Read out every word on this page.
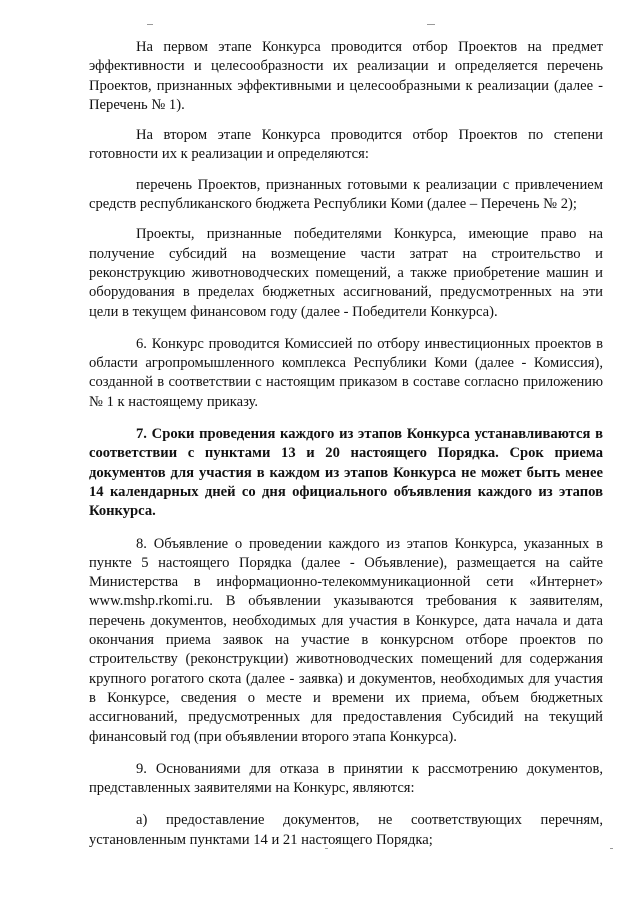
На первом этапе Конкурса проводится отбор Проектов на предмет эффективности и целесообразности их реализации и определяется перечень Проектов, признанных эффективными и целесообразными к реализации (далее - Перечень № 1).

На втором этапе Конкурса проводится отбор Проектов по степени готовности их к реализации и определяются:

перечень Проектов, признанных готовыми к реализации с привлечением средств республиканского бюджета Республики Коми (далее – Перечень № 2);

Проекты, признанные победителями Конкурса, имеющие право на получение субсидий на возмещение части затрат на строительство и реконструкцию животноводческих помещений, а также приобретение машин и оборудования в пределах бюджетных ассигнований, предусмотренных на эти цели в текущем финансовом году (далее - Победители Конкурса).

6. Конкурс проводится Комиссией по отбору инвестиционных проектов в области агропромышленного комплекса Республики Коми (далее - Комиссия), созданной в соответствии с настоящим приказом в составе согласно приложению № 1 к настоящему приказу.

7. Сроки проведения каждого из этапов Конкурса устанавливаются в соответствии с пунктами 13 и 20 настоящего Порядка. Срок приема документов для участия в каждом из этапов Конкурса не может быть менее 14 календарных дней со дня официального объявления каждого из этапов Конкурса.

8. Объявление о проведении каждого из этапов Конкурса, указанных в пункте 5 настоящего Порядка (далее - Объявление), размещается на сайте Министерства в информационно-телекоммуникационной сети «Интернет» www.mshp.rkomi.ru. В объявлении указываются требования к заявителям, перечень документов, необходимых для участия в Конкурсе, дата начала и дата окончания приема заявок на участие в конкурсном отборе проектов по строительству (реконструкции) животноводческих помещений для содержания крупного рогатого скота (далее - заявка) и документов, необходимых для участия в Конкурсе, сведения о месте и времени их приема, объем бюджетных ассигнований, предусмотренных для предоставления Субсидий на текущий финансовый год (при объявлении второго этапа Конкурса).

9. Основаниями для отказа в принятии к рассмотрению документов, представленных заявителями на Конкурс, являются:

а) предоставление документов, не соответствующих перечням, установленным пунктами 14 и 21 настоящего Порядка;
